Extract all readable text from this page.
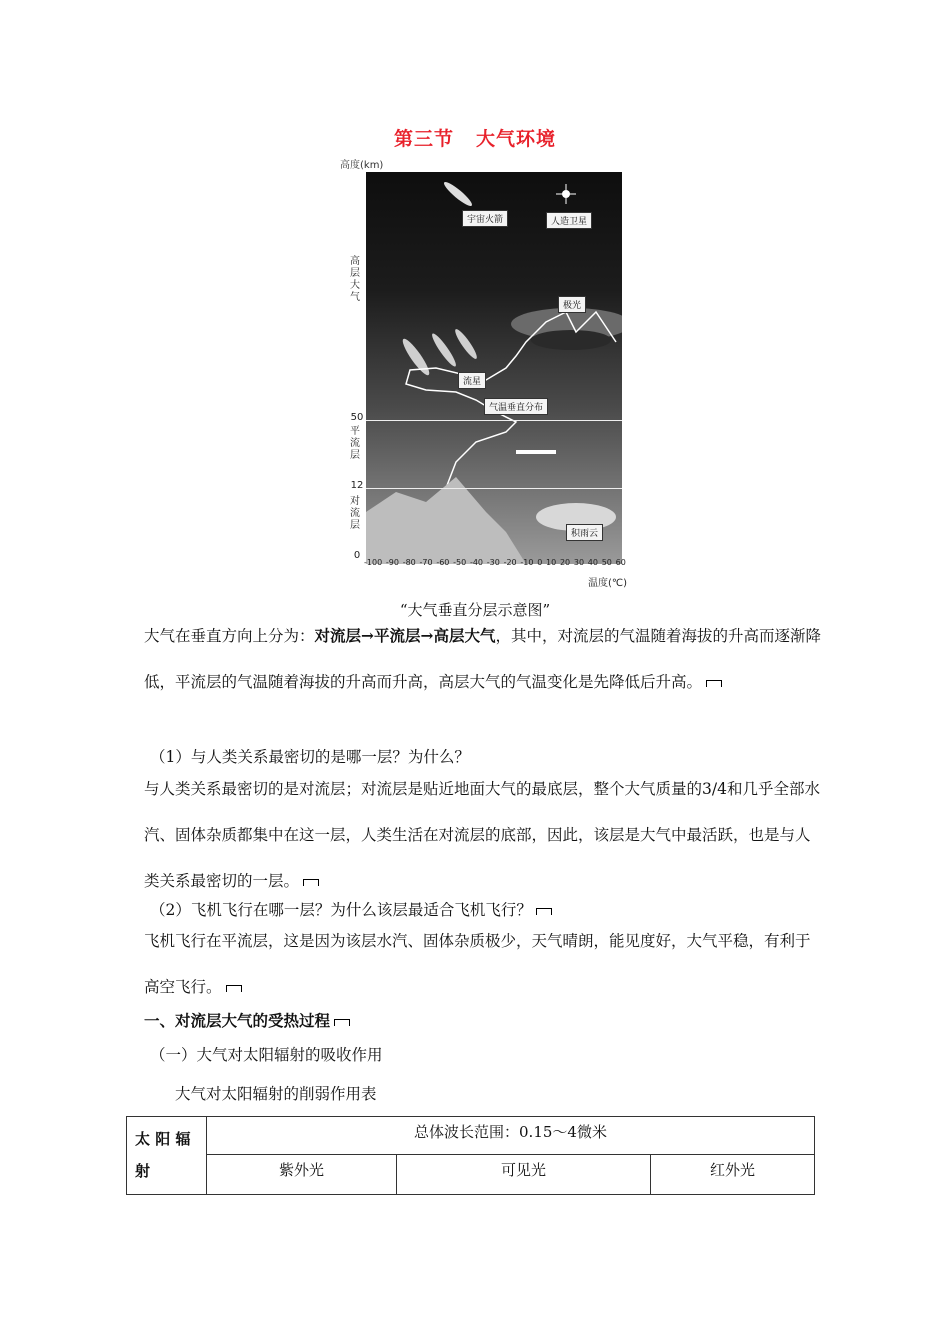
第三节 大气环境
高度(km)
高层大气
50
平流层
12
对流层
0
宇宙火箭	人造卫星
极光
流星
气温垂直分布
积雨云
-100 -90 -80 -70 -60 -50 -40 -30 -20 -10 0 10 20 30 40 50 60
温度(℃)
“大气垂直分层示意图”
大气在垂直方向上分为：对流层→平流层→高层大气，其中，对流层的气温随着海拔的升高而逐渐降低，平流层的气温随着海拔的升高而升高，高层大气的气温变化是先降低后升高。
（1）与人类关系最密切的是哪一层？为什么？
与人类关系最密切的是对流层；对流层是贴近地面大气的最底层，整个大气质量的3/4和几乎全部水汽、固体杂质都集中在这一层，人类生活在对流层的底部，因此，该层是大气中最活跃，也是与人类关系最密切的一层。
（2）飞机飞行在哪一层？为什么该层最适合飞机飞行？
飞机飞行在平流层，这是因为该层水汽、固体杂质极少，天气晴朗，能见度好，大气平稳，有利于高空飞行。
一、对流层大气的受热过程
（一）大气对太阳辐射的吸收作用
大气对太阳辐射的削弱作用表
太 阳 辐 射
总体波长范围：0.15～4微米
紫外光	可见光	红外光
